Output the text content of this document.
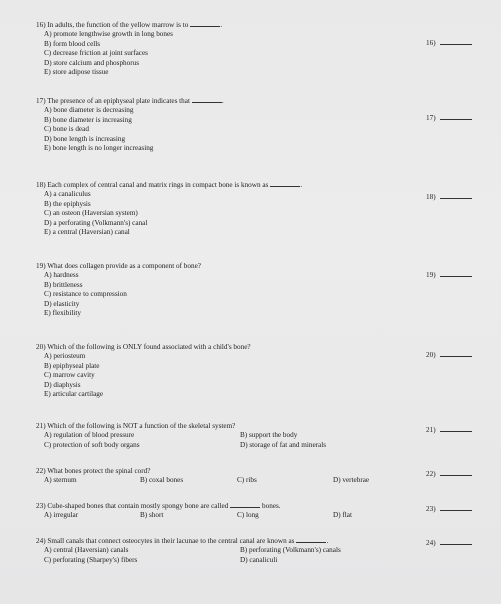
16) In adults, the function of the yellow marrow is to	.
A) promote lengthwise growth in long bones
B) form blood cells
C) decrease friction at joint surfaces
D) store calcium and phosphorus
E) store adipose tissue
16)
17) The presence of an epiphyseal plate indicates that	.
A) bone diameter is decreasing
B) bone diameter is increasing
C) bone is dead
D) bone length is increasing
E) bone length is no longer increasing
17)
18) Each complex of central canal and matrix rings in compact bone is known as	.
A) a canaliculus
B) the epiphysis
C) an osteon (Haversian system)
D) a perforating (Volkmann's) canal
E) a central (Haversian) canal
18)
19) What does collagen provide as a component of bone?
A) hardness
B) brittleness
C) resistance to compression
D) elasticity
E) flexibility
19)
20) Which of the following is ONLY found associated with a child's bone?
A) periosteum
B) epiphyseal plate
C) marrow cavity
D) diaphysis
E) articular cartilage
20)
21) Which of the following is NOT a function of the skeletal system?
A) regulation of blood pressure	B) support the body
C) protection of soft body organs	D) storage of fat and minerals
21)
22) What bones protect the spinal cord?
A) sternum	B) coxal bones	C) ribs	D) vertebrae
22)
23) Cube-shaped bones that contain mostly spongy bone are called	bones.
A) irregular	B) short	C) long	D) flat
23)
24) Small canals that connect osteocytes in their lacunae to the central canal are known as	.
A) central (Haversian) canals	B) perforating (Volkmann's) canals
C) perforating (Sharpey's) fibers	D) canaliculi
24)
